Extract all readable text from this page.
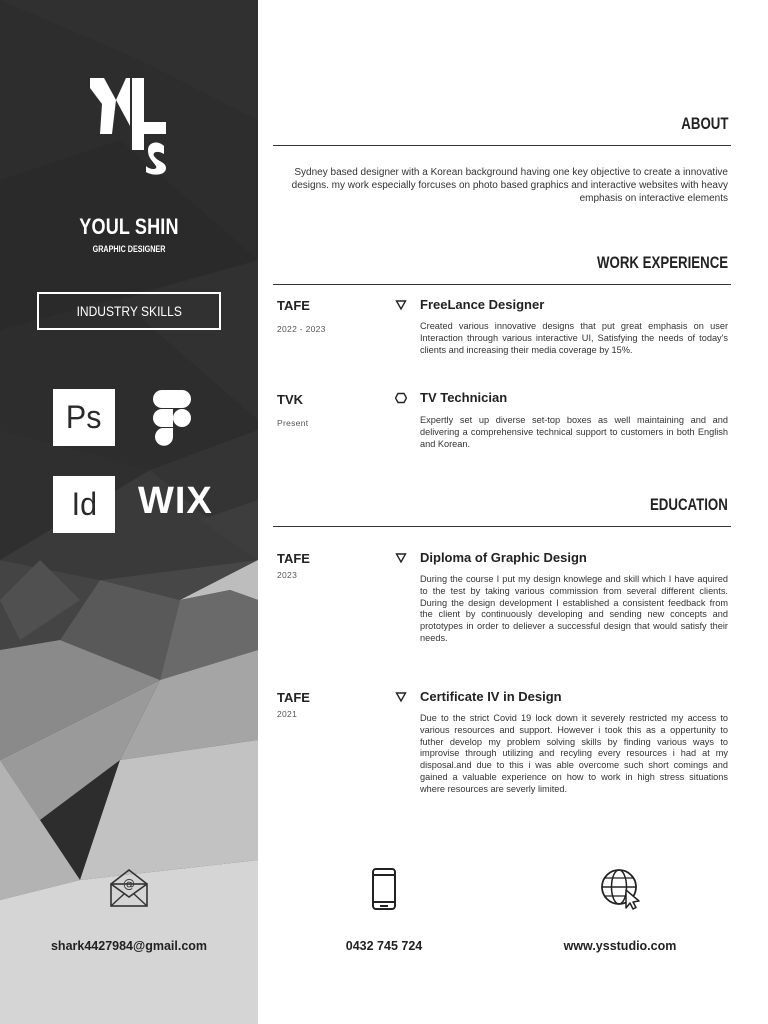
YOUL SHIN
GRAPHIC DESIGNER
INDUSTRY SKILLS
Ps
Id WIX
ABOUT
Sydney based designer with a Korean background having one key objective to create a innovative designs. my work especially forcuses on photo based graphics and interactive websites with heavy emphasis on interactive elements
WORK EXPERIENCE
TAFE
2022 - 2023
FreeLance Designer
Created various innovative designs that put great emphasis on user Interaction through various interactive UI, Satisfying the needs of today's clients and increasing their media coverage by 15%.
TVK
Present
TV Technician
Expertly set up diverse set-top boxes as well maintaining and and delivering a comprehensive technical support to customers in both English and Korean.
EDUCATION
TAFE
2023
Diploma of Graphic Design
During the course I put my design knowlege and skill which I have aquired to the test by taking various commission from several different clients. During the design development I established a consistent feedback from the client by continuously developing and sending new concepts and prototypes in order to deliever a successful design that would satisfy their needs.
TAFE
2021
Certificate IV in Design
Due to the strict Covid 19 lock down it severely restricted my access to various resources and support. However i took this as a oppertunity to futher develop my problem solving skills by finding various ways to improvise through utilizing and recyling every resources i had at my disposal.and due to this i was able overcome such short comings and gained a valuable experience on how to work in high stress situations where resources are severly limited.
@
shark4427984@gmail.com	0432 745 724	www.ysstudio.com
